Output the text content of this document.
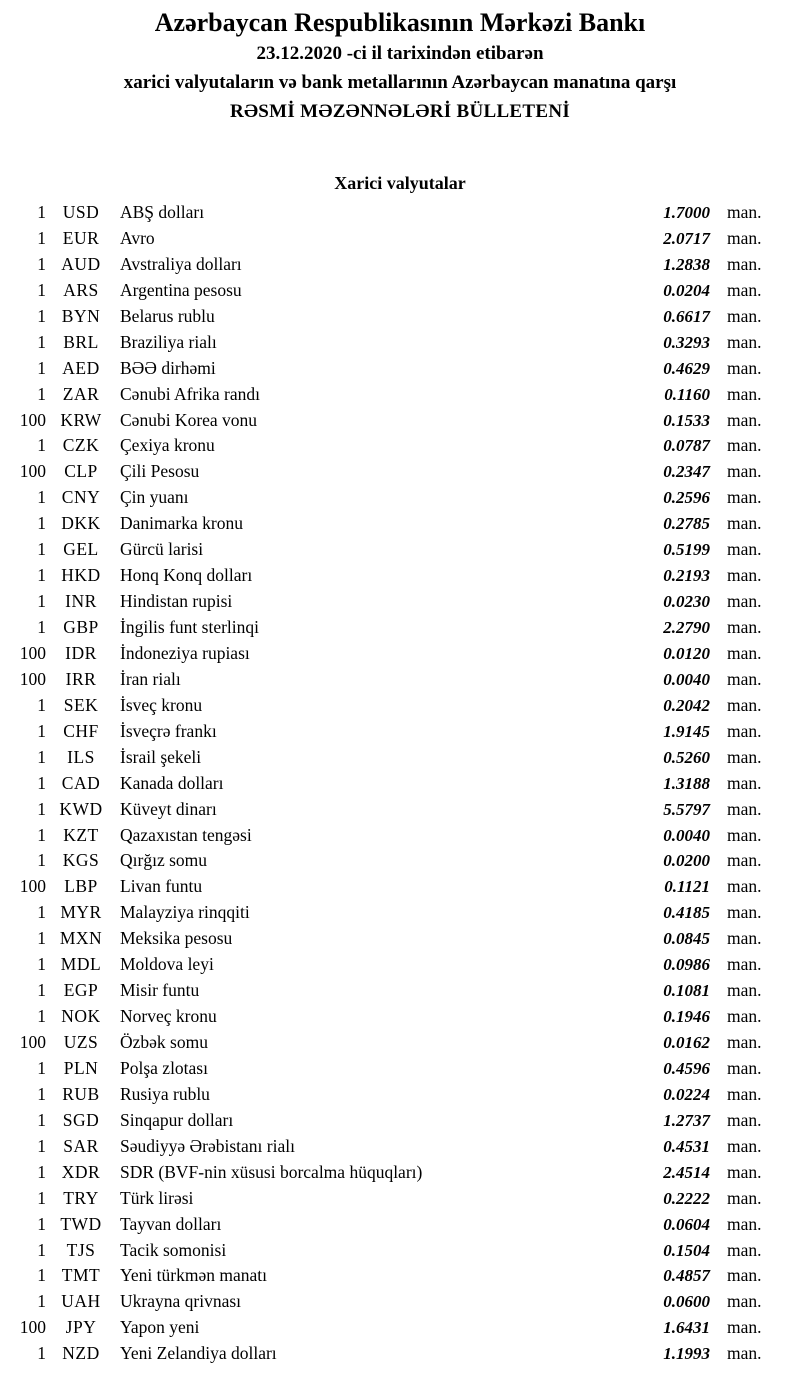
Azərbaycan Respublikasının Mərkəzi Bankı
23.12.2020 -ci il tarixindən etibarən
xarici valyutaların və bank metallarının Azərbaycan manatına qarşı
RƏSMİ MƏZƏNNƏLƏRİ BÜLLETENİ
Xarici valyutalar
1 USD	ABŞ dolları	1.7000 man.
1 EUR	Avro	2.0717 man.
1 AUD	Avstraliya dolları	1.2838 man.
1 ARS	Argentina pesosu	0.0204 man.
1 BYN	Belarus rublu	0.6617 man.
1 BRL	Braziliya rialı	0.3293 man.
1 AED	BƏƏ dirhəmi	0.4629 man.
1 ZAR	Cənubi Afrika randı	0.1160 man.
100 KRW	Cənubi Korea vonu	0.1533 man.
1 CZK	Çexiya kronu	0.0787 man.
100	CLP	Çili Pesosu	0.2347 man.
1 CNY	Çin yuanı	0.2596 man.
1 DKK	Danimarka kronu	0.2785 man.
1 GEL	Gürcü larisi	0.5199 man.
1 HKD	Honq Konq dolları	0.2193 man.
1	INR	Hindistan rupisi	0.0230 man.
1 GBP	İngilis funt sterlinqi	2.2790 man.
100	IDR	İndoneziya rupiası	0.0120 man.
100	IRR	İran rialı	0.0040 man.
1	SEK	İsveç kronu	0.2042 man.
1 CHF	İsveçrə frankı	1.9145 man.
1	ILS	İsrail şekeli	0.5260 man.
1 CAD	Kanada dolları	1.3188 man.
1 KWD Küveyt dinarı	5.5797 man.
1 KZT	Qazaxıstan tengəsi	0.0040 man.
1 KGS	Qırğız somu	0.0200 man.
100	LBP	Livan funtu	0.1121 man.
1 MYR	Malayziya rinqqiti	0.4185 man.
1 MXN	Meksika pesosu	0.0845 man.
1 MDL	Moldova leyi	0.0986 man.
1	EGP	Misir funtu	0.1081 man.
1 NOK	Norveç kronu	0.1946 man.
100	UZS	Özbək somu	0.0162 man.
1	PLN	Polşa zlotası	0.4596 man.
1 RUB	Rusiya rublu	0.0224 man.
1 SGD	Sinqapur dolları	1.2737 man.
1 SAR	Səudiyyə Ərəbistanı rialı	0.4531 man.
1 XDR	SDR (BVF-nin xüsusi borcalma hüquqları)	2.4514 man.
1 TRY	Türk lirəsi	0.2222 man.
1 TWD	Tayvan dolları	0.0604 man.
1	TJS	Tacik somonisi	0.1504 man.
1 TMT	Yeni türkmən manatı	0.4857 man.
1 UAH	Ukrayna qrivnası	0.0600 man.
100	JPY	Yapon yeni	1.6431 man.
1 NZD	Yeni Zelandiya dolları	1.1993 man.
